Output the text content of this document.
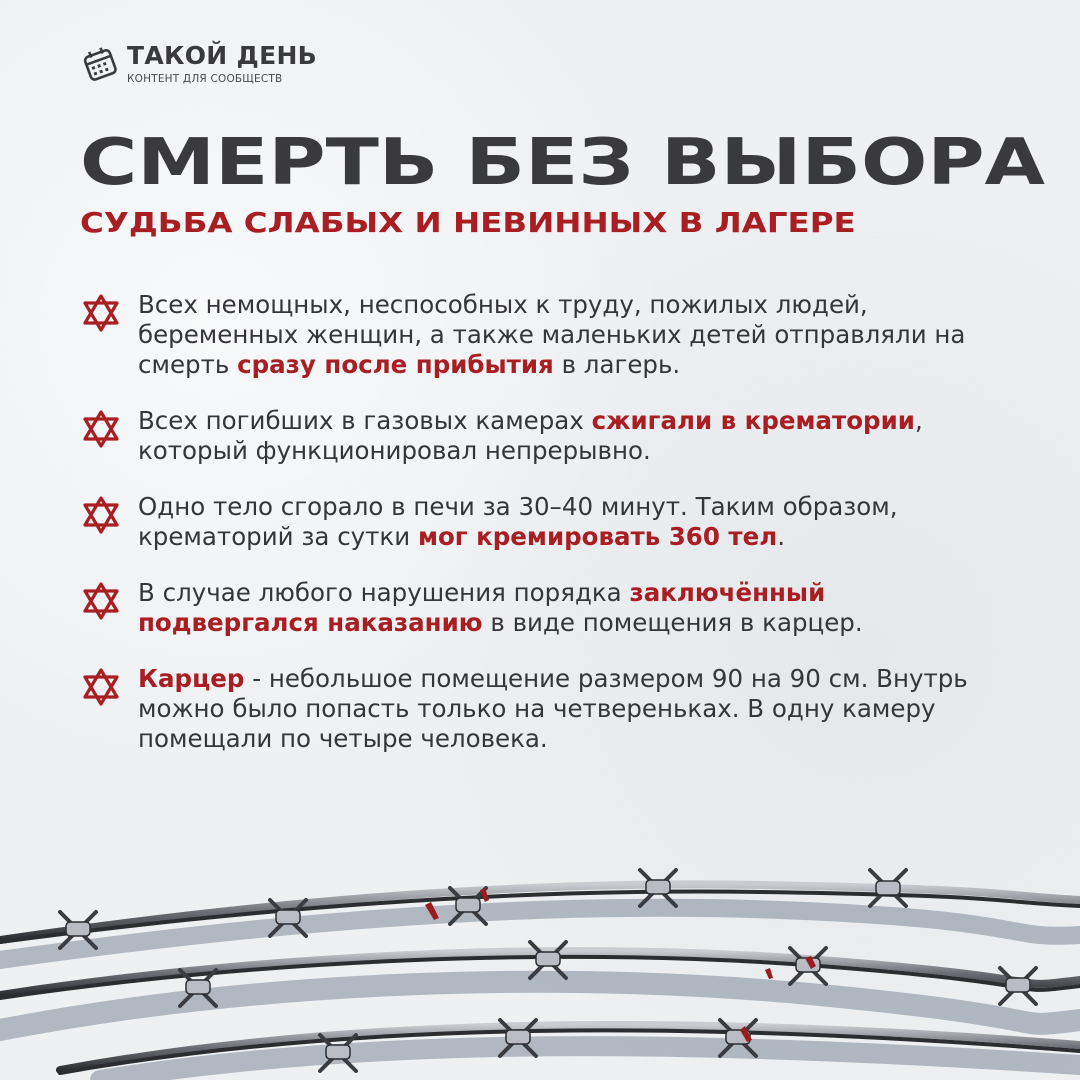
ТАКОЙ ДЕНЬ
КОНТЕНТ ДЛЯ СООБЩЕСТВ
СМЕРТЬ БЕЗ ВЫБОРА
СУДЬБА СЛАБЫХ И НЕВИННЫХ В ЛАГЕРЕ
Всех немощных, неспособных к труду, пожилых людей, беременных женщин, а также маленьких детей отправляли на смерть сразу после прибытия в лагерь.
Всех погибших в газовых камерах сжигали в крематории, который функционировал непрерывно.
Одно тело сгорало в печи за 30–40 минут. Таким образом, крематорий за сутки мог кремировать 360 тел.
В случае любого нарушения порядка заключённый подвергался наказанию в виде помещения в карцер.
Карцер - небольшое помещение размером 90 на 90 см. Внутрь можно было попасть только на четвереньках. В одну камеру помещали по четыре человека.
